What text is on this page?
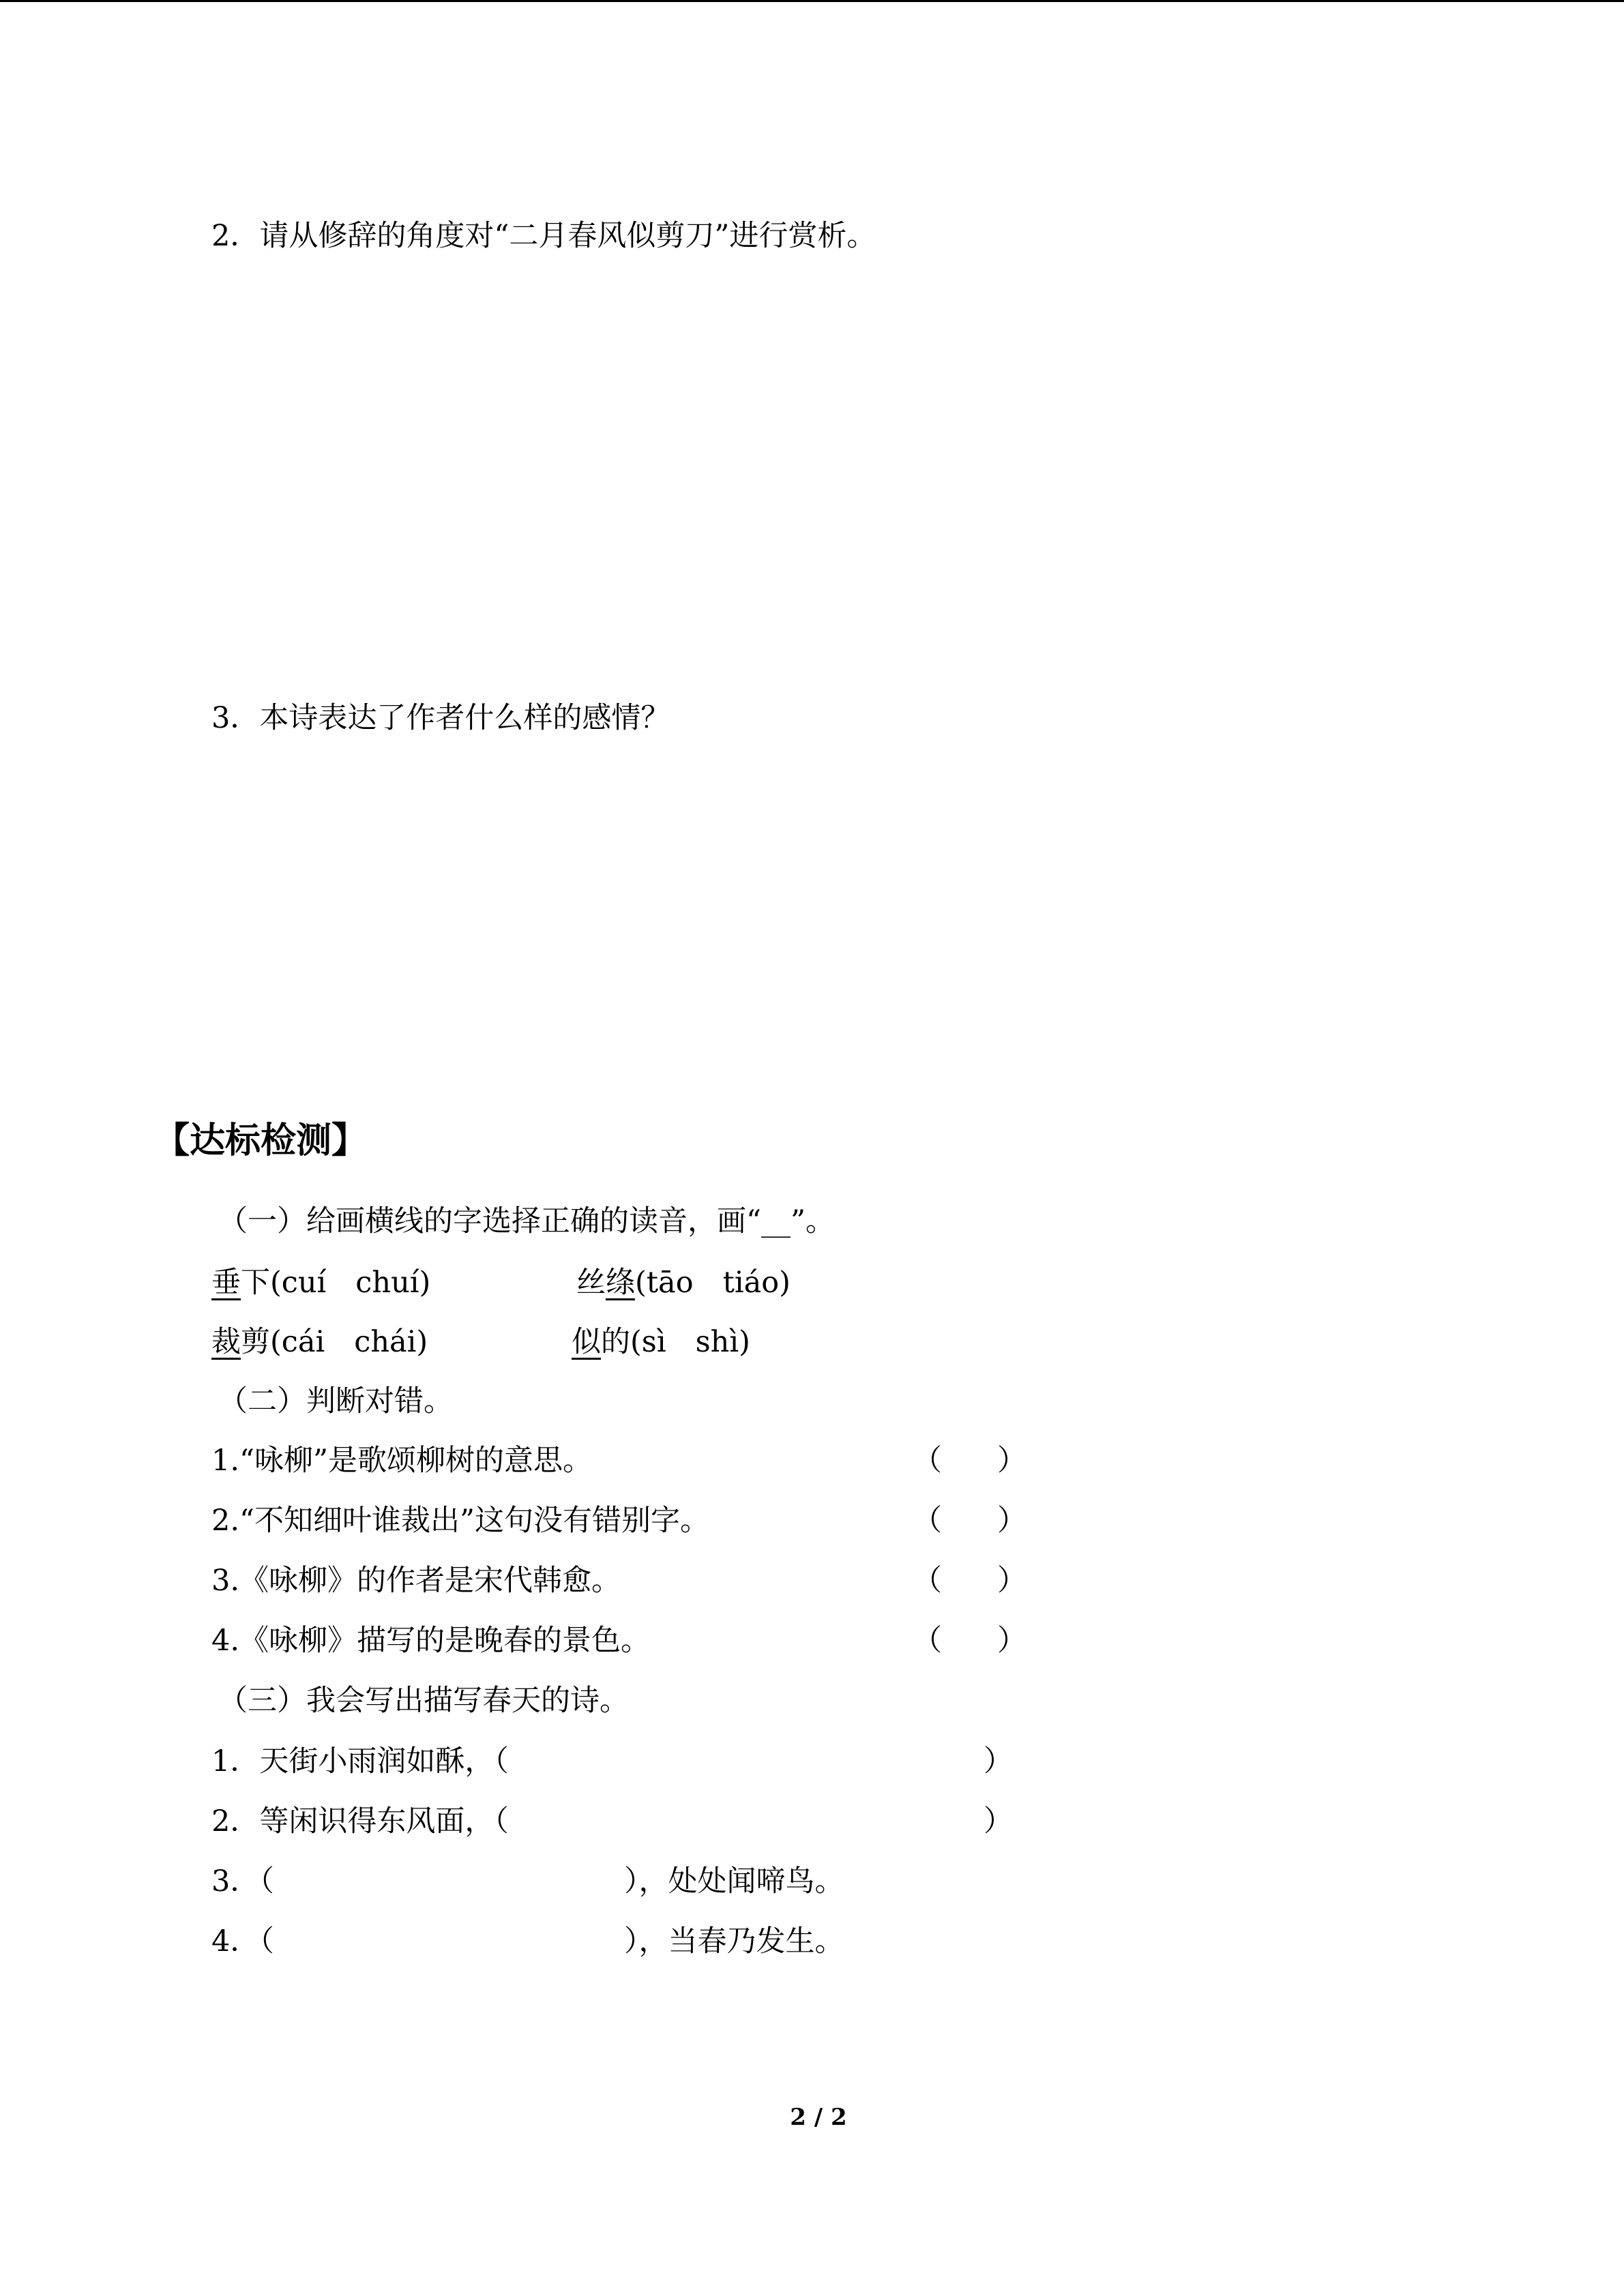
2．请从修辞的角度对“二月春风似剪刀”进行赏析。
3．本诗表达了作者什么样的感情？
【达标检测】
（一）给画横线的字选择正确的读音，画“__”。
垂下(cuí　chuí)	丝绦(tāo　tiáo)
裁剪(cái　chái)	似的(sì　shì)
（二）判断对错。
1.“咏柳”是歌颂柳树的意思。	（ ）
2.“不知细叶谁裁出”这句没有错别字。	（ ）
3.《咏柳》的作者是宋代韩愈。	（ ）
4.《咏柳》描写的是晚春的景色。	（ ）
（三）我会写出描写春天的诗。
1．天街小雨润如酥，（	）
2．等闲识得东风面，（	）
3．（	），处处闻啼鸟。
4．（	），当春乃发生。
2 / 2
